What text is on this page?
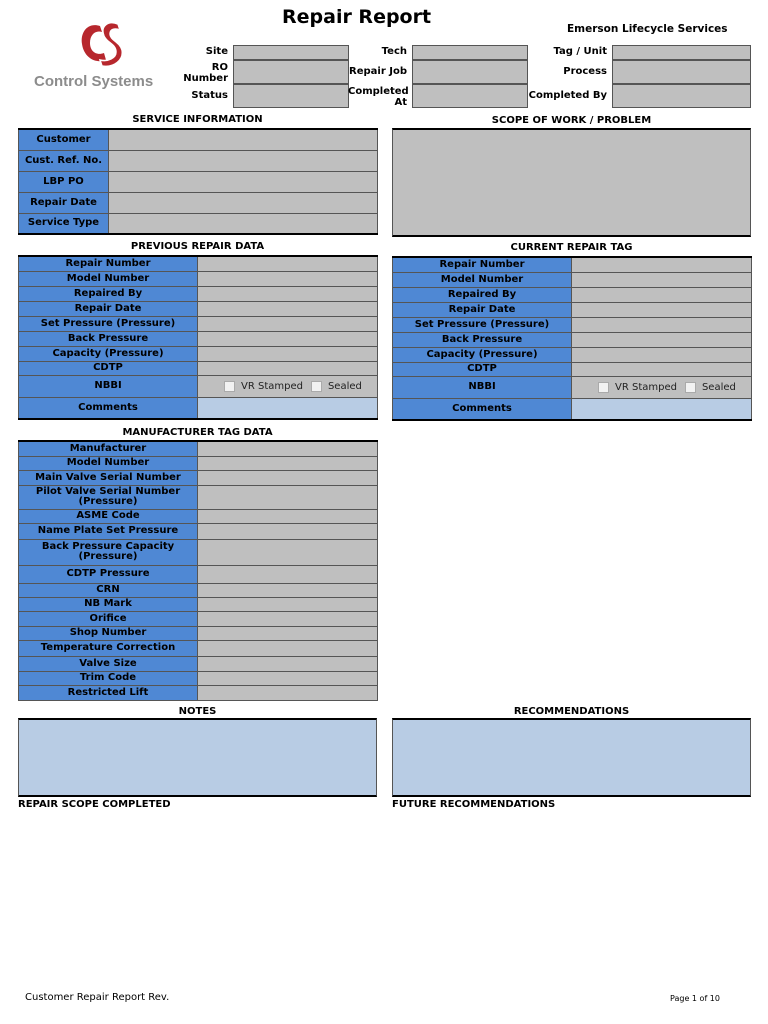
Control Systems
Repair Report
Emerson Lifecycle Services
Site
RO Number
Status
Tech
Repair Job
Completed At
Tag / Unit
Process
Completed By
SERVICE INFORMATION
Customer	
Cust. Ref. No.	
LBP PO	
Repair Date	
Service Type	
SCOPE OF WORK / PROBLEM
PREVIOUS REPAIR DATA
Repair Number	
Model Number	
Repaired By	
Repair Date	
Set Pressure (Pressure)	
Back Pressure	
Capacity (Pressure)	
CDTP	
NBBI	VR Stamped Sealed

Comments	
CURRENT REPAIR TAG
Repair Number	
Model Number	
Repaired By	
Repair Date	
Set Pressure (Pressure)	
Back Pressure	
Capacity (Pressure)	
CDTP	
NBBI	VR Stamped Sealed

Comments	
MANUFACTURER TAG DATA
Manufacturer	
Model Number	
Main Valve Serial Number	
Pilot Valve Serial Number (Pressure)	
ASME Code	
Name Plate Set Pressure	
Back Pressure Capacity (Pressure)	
CDTP Pressure	
CRN	
NB Mark	
Orifice	
Shop Number	
Temperature Correction	
Valve Size	
Trim Code	
Restricted Lift	
NOTES	RECOMMENDATIONS
REPAIR SCOPE COMPLETED	FUTURE RECOMMENDATIONS
Customer Repair Report Rev.	Page 1 of 10
